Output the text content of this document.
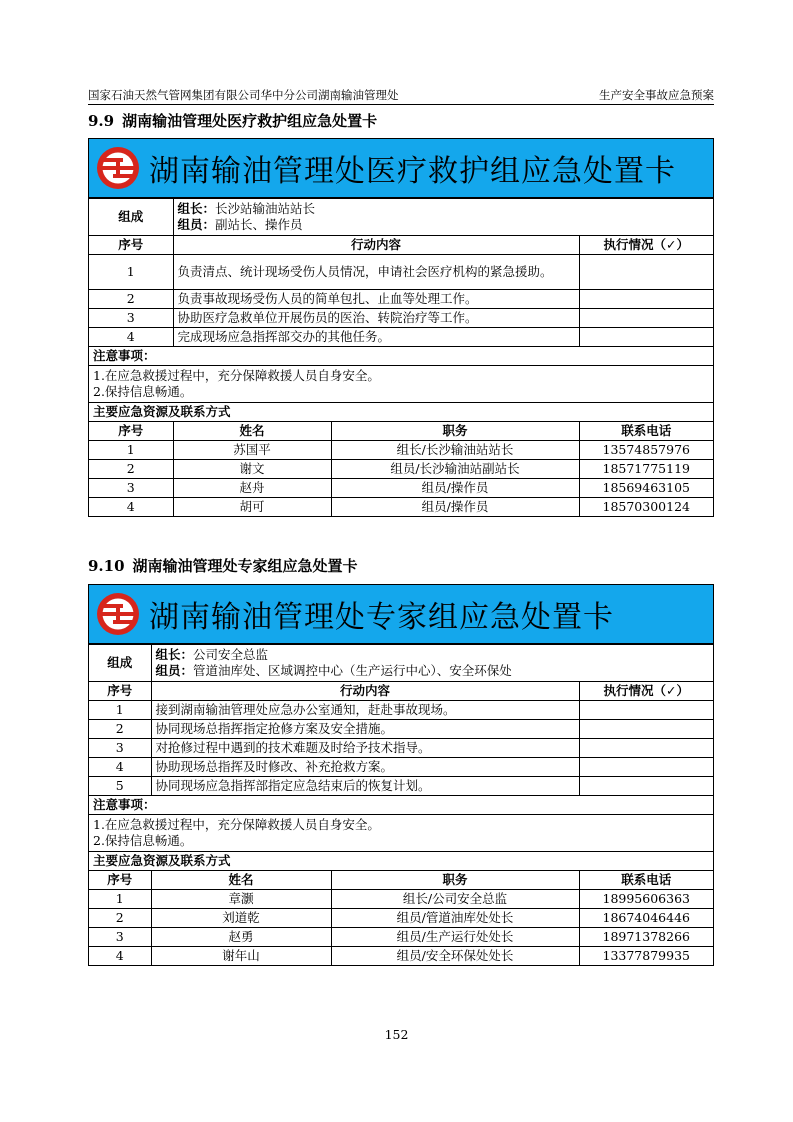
国家石油天然气管网集团有限公司华中分公司湖南输油管理处	生产安全事故应急预案
9.9 湖南输油管理处医疗救护组应急处置卡
湖南输油管理处医疗救护组应急处置卡
组成	
组长：长沙站输油站站长
组员：副站长、操作员
序号	行动内容	执行情况（✓）
1	负责清点、统计现场受伤人员情况，申请社会医疗机构的紧急援助。	
2	负责事故现场受伤人员的简单包扎、止血等处理工作。	
3	协助医疗急救单位开展伤员的医治、转院治疗等工作。	
4	完成现场应急指挥部交办的其他任务。	
注意事项：

1.在应急救援过程中，充分保障救援人员自身安全。
2.保持信息畅通。

主要应急资源及联系方式
序号	姓名	职务	联系电话
1	苏国平	组长/长沙输油站站长	13574857976
2	谢文	组员/长沙输油站副站长	18571775119
3	赵舟	组员/操作员	18569463105
4	胡可	组员/操作员	18570300124
9.10 湖南输油管理处专家组应急处置卡
湖南输油管理处专家组应急处置卡
组成	
组长：公司安全总监
组员：管道油库处、区域调控中心（生产运行中心）、安全环保处
序号	行动内容	执行情况（✓）
1	接到湖南输油管理处应急办公室通知，赶赴事故现场。	
2	协同现场总指挥指定抢修方案及安全措施。	
3	对抢修过程中遇到的技术难题及时给予技术指导。	
4	协助现场总指挥及时修改、补充抢救方案。	
5	协同现场应急指挥部指定应急结束后的恢复计划。	
注意事项：

1.在应急救援过程中，充分保障救援人员自身安全。
2.保持信息畅通。

主要应急资源及联系方式
序号	姓名	职务	联系电话
1	章灏	组长/公司安全总监	18995606363
2	刘道乾	组员/管道油库处处长	18674046446
3	赵勇	组员/生产运行处处长	18971378266
4	谢年山	组员/安全环保处处长	13377879935
152
